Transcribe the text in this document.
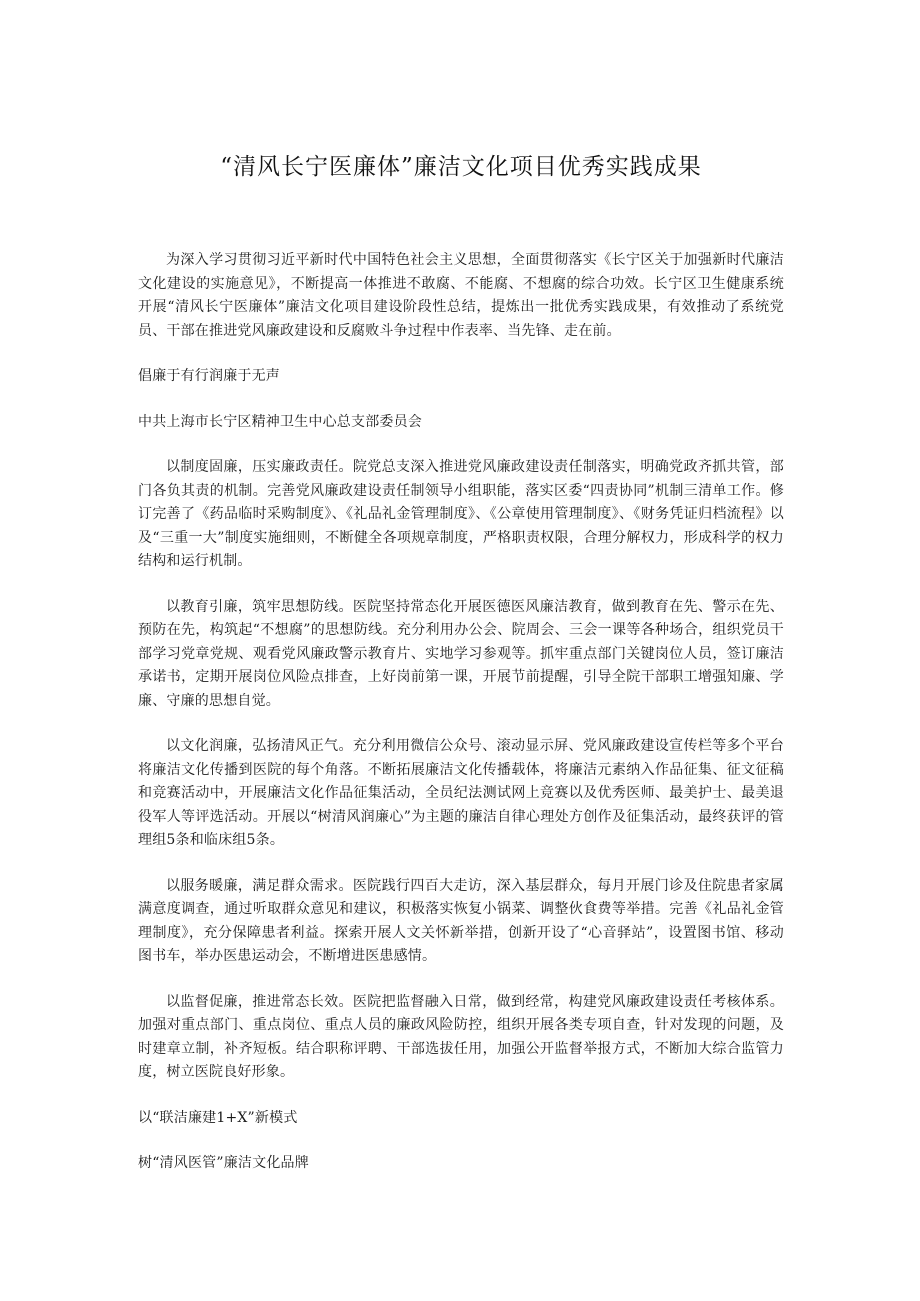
“清风长宁医廉体”廉洁文化项目优秀实践成果

为深入学习贯彻习近平新时代中国特色社会主义思想，全面贯彻落实《长宁区关于加强新时代廉洁文化建设的实施意见》，不断提高一体推进不敢腐、不能腐、不想腐的综合功效。长宁区卫生健康系统开展“清风长宁医廉体”廉洁文化项目建设阶段性总结，提炼出一批优秀实践成果，有效推动了系统党员、干部在推进党风廉政建设和反腐败斗争过程中作表率、当先锋、走在前。

倡廉于有行润廉于无声

中共上海市长宁区精神卫生中心总支部委员会

以制度固廉，压实廉政责任。院党总支深入推进党风廉政建设责任制落实，明确党政齐抓共管，部门各负其责的机制。完善党风廉政建设责任制领导小组职能，落实区委“四责协同”机制三清单工作。修订完善了《药品临时采购制度》、《礼品礼金管理制度》、《公章使用管理制度》、《财务凭证归档流程》以及“三重一大”制度实施细则，不断健全各项规章制度，严格职责权限，合理分解权力，形成科学的权力结构和运行机制。

以教育引廉，筑牢思想防线。医院坚持常态化开展医德医风廉洁教育，做到教育在先、警示在先、预防在先，构筑起“不想腐”的思想防线。充分利用办公会、院周会、三会一课等各种场合，组织党员干部学习党章党规、观看党风廉政警示教育片、实地学习参观等。抓牢重点部门关键岗位人员，签订廉洁承诺书，定期开展岗位风险点排查，上好岗前第一课，开展节前提醒，引导全院干部职工增强知廉、学廉、守廉的思想自觉。

以文化润廉，弘扬清风正气。充分利用微信公众号、滚动显示屏、党风廉政建设宣传栏等多个平台将廉洁文化传播到医院的每个角落。不断拓展廉洁文化传播载体，将廉洁元素纳入作品征集、征文征稿和竞赛活动中，开展廉洁文化作品征集活动，全员纪法测试网上竞赛以及优秀医师、最美护士、最美退役军人等评选活动。开展以“树清风润廉心”为主题的廉洁自律心理处方创作及征集活动，最终获评的管理组5条和临床组5条。

以服务暖廉，满足群众需求。医院践行四百大走访，深入基层群众，每月开展门诊及住院患者家属满意度调查，通过听取群众意见和建议，积极落实恢复小锅菜、调整伙食费等举措。完善《礼品礼金管理制度》，充分保障患者利益。探索开展人文关怀新举措，创新开设了“心音驿站”，设置图书馆、移动图书车，举办医患运动会，不断增进医患感情。

以监督促廉，推进常态长效。医院把监督融入日常，做到经常，构建党风廉政建设责任考核体系。加强对重点部门、重点岗位、重点人员的廉政风险防控，组织开展各类专项自查，针对发现的问题，及时建章立制，补齐短板。结合职称评聘、干部选拔任用，加强公开监督举报方式，不断加大综合监管力度，树立医院良好形象。

以“联洁廉建1+X”新模式

树“清风医管”廉洁文化品牌
